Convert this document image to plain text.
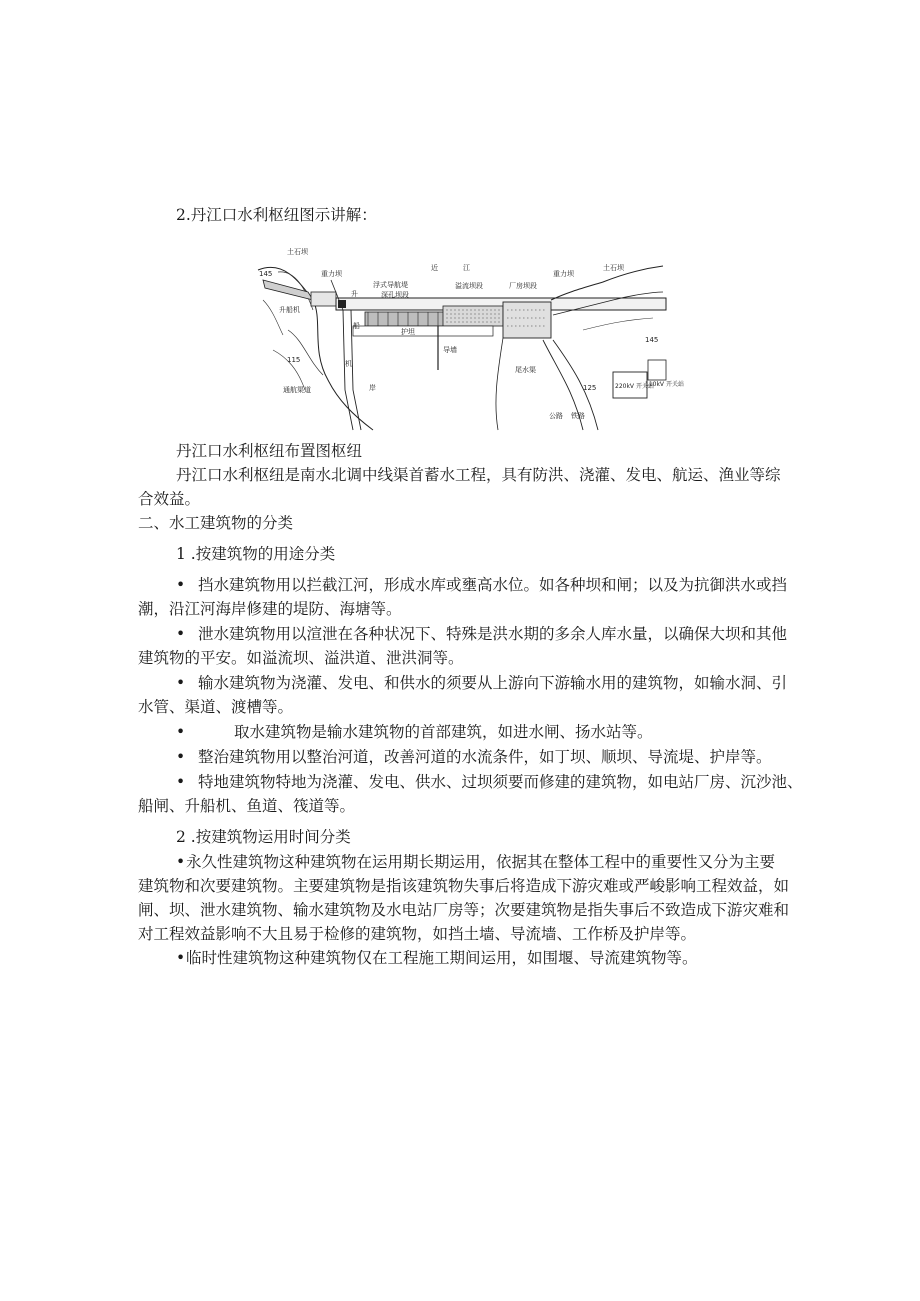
2.丹江口水利枢纽图示讲解：
土石坝
重力坝
浮式导航堤
深孔坝段
溢流坝段	厂房坝段
重力坝
土石坝
145
145
115
升船机
升
船
机
护坦
导墙
尾水渠
通航渠道	岸
公路 铁路
125	220kV 开关站
110kV 开关站
近	江
丹江口水利枢纽布置图枢纽
丹江口水利枢纽是南水北调中线渠首蓄水工程，具有防洪、浇灌、发电、航运、渔业等综
合效益。
二、水工建筑物的分类
1 .按建筑物的用途分类
• 挡水建筑物用以拦截江河，形成水库或壅高水位。如各种坝和闸；以及为抗御洪水或挡
潮，沿江河海岸修建的堤防、海塘等。
• 泄水建筑物用以渲泄在各种状况下、特殊是洪水期的多余人库水量，以确保大坝和其他
建筑物的平安。如溢流坝、溢洪道、泄洪洞等。
• 输水建筑物为浇灌、发电、和供水的须要从上游向下游输水用的建筑物，如输水洞、引
水管、渠道、渡槽等。
•	取水建筑物是输水建筑物的首部建筑，如进水闸、扬水站等。
• 整治建筑物用以整治河道，改善河道的水流条件，如丁坝、顺坝、导流堤、护岸等。
• 特地建筑物特地为浇灌、发电、供水、过坝须要而修建的建筑物，如电站厂房、沉沙池、
船闸、升船机、鱼道、筏道等。
2 .按建筑物运用时间分类
•永久性建筑物这种建筑物在运用期长期运用，依据其在整体工程中的重要性又分为主要
建筑物和次要建筑物。主要建筑物是指该建筑物失事后将造成下游灾难或严峻影响工程效益，如
闸、坝、泄水建筑物、输水建筑物及水电站厂房等；次要建筑物是指失事后不致造成下游灾难和
对工程效益影响不大且易于检修的建筑物，如挡土墙、导流墙、工作桥及护岸等。
•临时性建筑物这种建筑物仅在工程施工期间运用，如围堰、导流建筑物等。
